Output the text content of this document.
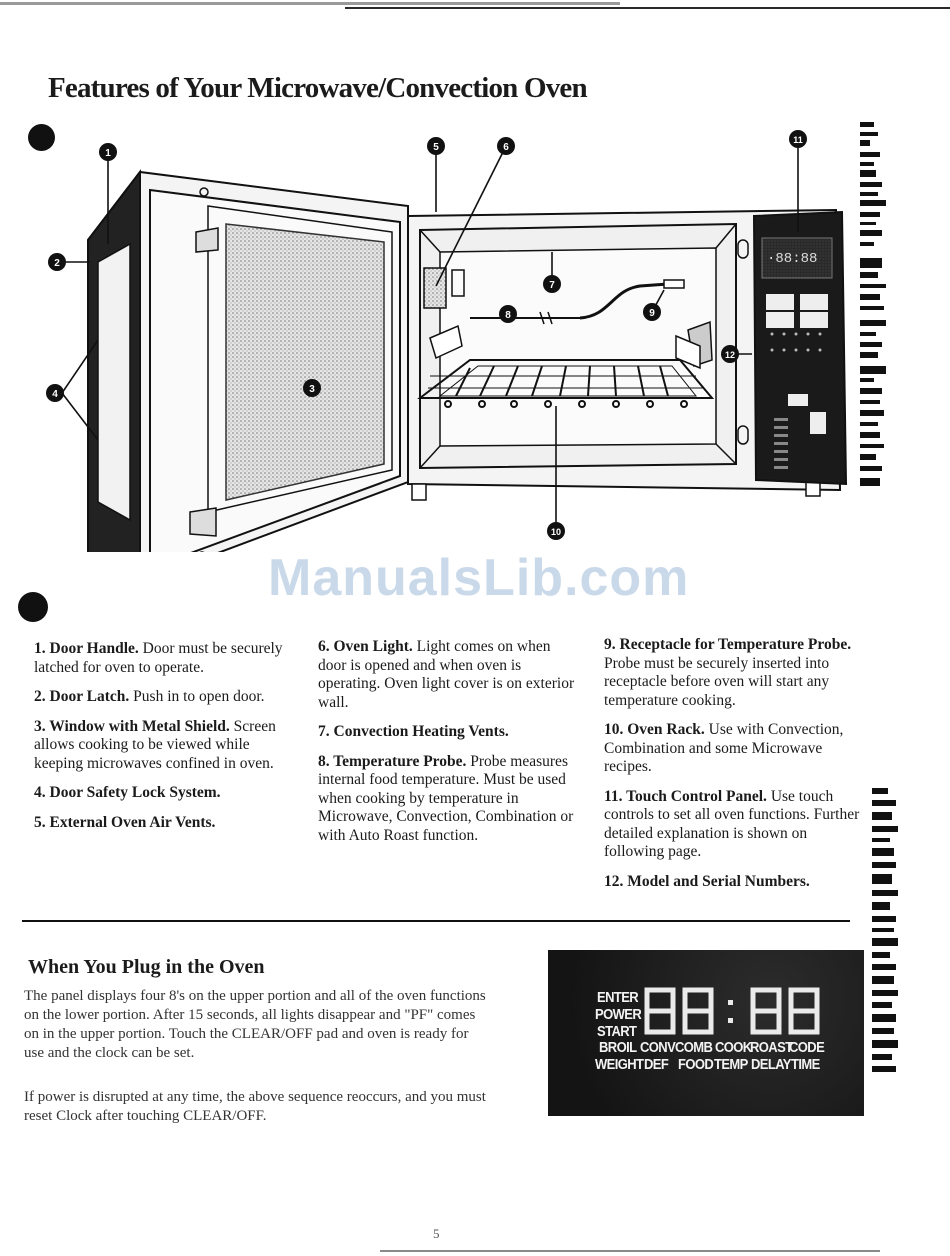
Features of Your Microwave/Convection Oven
·88:88
1
2
3
4
5	6
7
8	9
10
11
12
ManualsLib.com

1. Door Handle. Door must be securely latched for oven to operate.

2. Door Latch. Push in to open door.

3. Window with Metal Shield. Screen allows cooking to be viewed while keeping microwaves confined in oven.

4. Door Safety Lock System.

5. External Oven Air Vents.

6. Oven Light. Light comes on when door is opened and when oven is operating. Oven light cover is on exterior wall.

7. Convection Heating Vents.

8. Temperature Probe. Probe measures internal food temperature. Must be used when cooking by temperature in Microwave, Convection, Combination or with Auto Roast function.

9. Receptacle for Temperature Probe. Probe must be securely inserted into receptacle before oven will start any temperature cooking.

10. Oven Rack. Use with Convection, Combination and some Microwave recipes.

11. Touch Control Panel. Use touch controls to set all oven functions. Further detailed explanation is shown on following page.

12. Model and Serial Numbers.

When You Plug in the Oven

The panel displays four 8's on the upper portion and all of the oven functions on the lower portion. After 15 seconds, all lights disappear and "PF" comes on in the upper portion. Touch the CLEAR/OFF pad and oven is ready for use and the clock can be set.

If power is disrupted at any time, the above sequence reoccurs, and you must reset Clock after touching CLEAR/OFF.

ENTER
POWER
START
BROIL CONV COMB COOK
ROAST
CODE
WEIGHT DEF FOOD TEMP DELAY TIME
5
